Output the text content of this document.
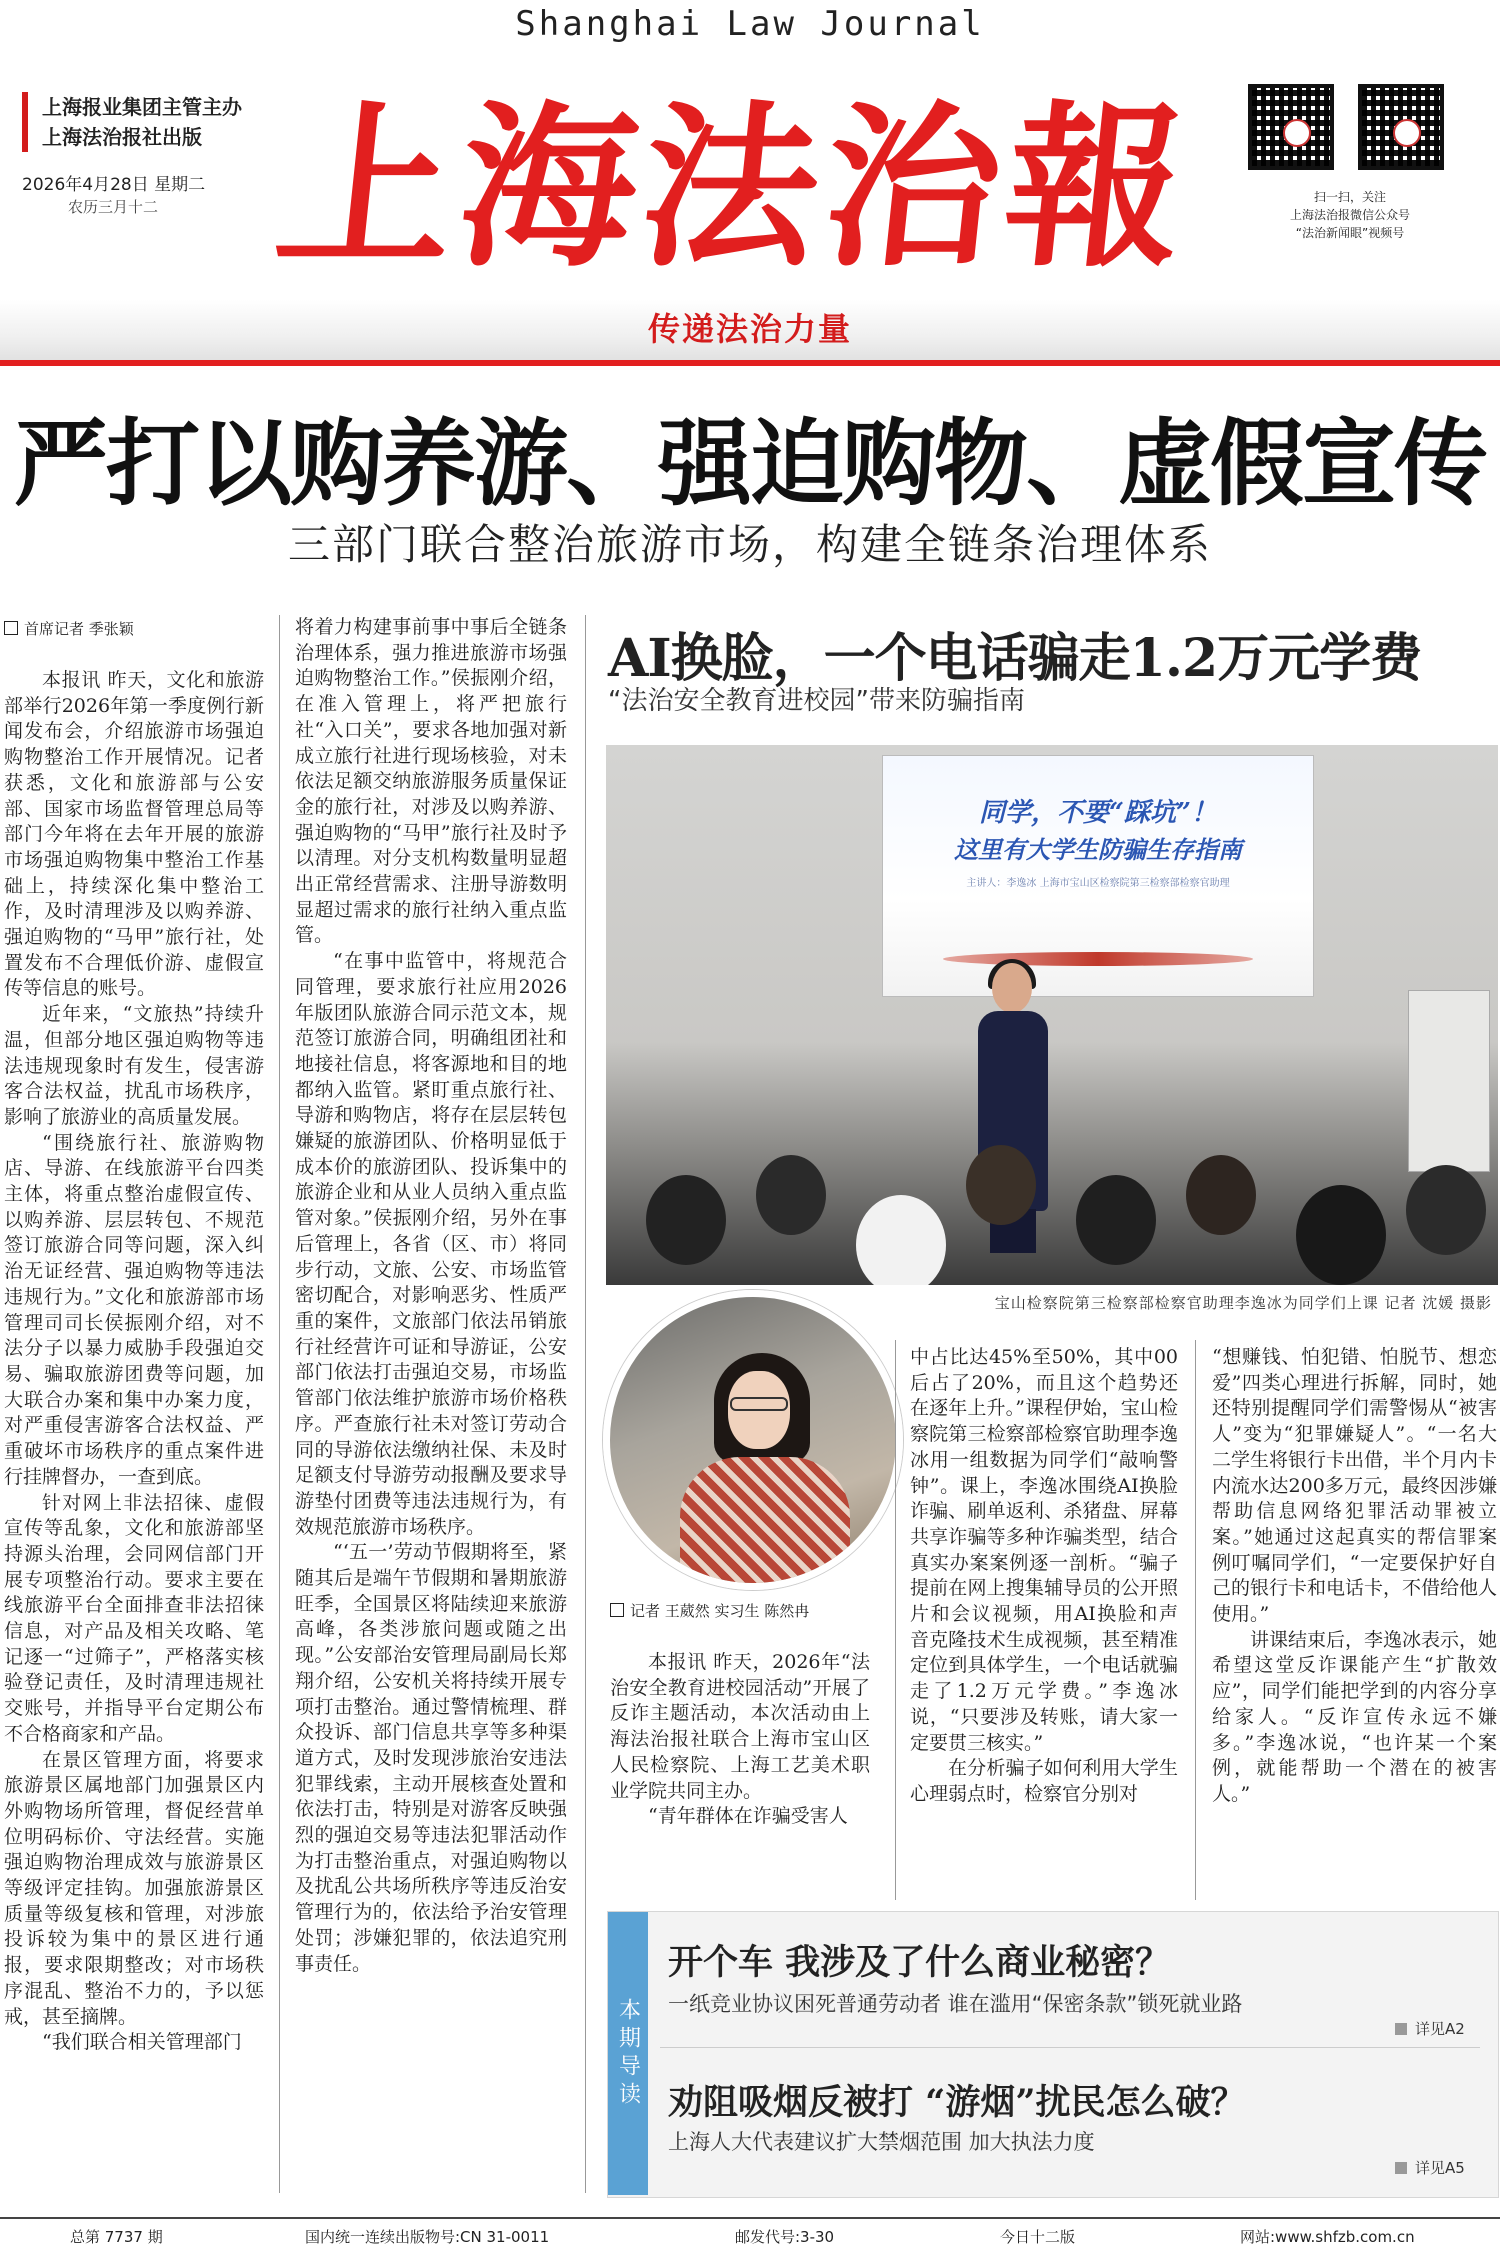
Shanghai Law Journal
上海报业集团主管主办
上海法治报社出版
2026年4月28日 星期二
农历三月十二 上海法治報	扫一扫，关注
上海法治报微信公众号
“法治新闻眼”视频号
传递法治力量
严打以购养游、强迫购物、虚假宣传
三部门联合整治旅游市场，构建全链条治理体系
首席记者 季张颖

本报讯 昨天，文化和旅游部举行2026年第一季度例行新闻发布会，介绍旅游市场强迫购物整治工作开展情况。记者获悉，文化和旅游部与公安部、国家市场监督管理总局等部门今年将在去年开展的旅游市场强迫购物集中整治工作基础上，持续深化集中整治工作，及时清理涉及以购养游、强迫购物的“马甲”旅行社，处置发布不合理低价游、虚假宣传等信息的账号。

近年来，“文旅热”持续升温，但部分地区强迫购物等违法违规现象时有发生，侵害游客合法权益，扰乱市场秩序，影响了旅游业的高质量发展。

“围绕旅行社、旅游购物店、导游、在线旅游平台四类主体，将重点整治虚假宣传、以购养游、层层转包、不规范签订旅游合同等问题，深入纠治无证经营、强迫购物等违法违规行为。”文化和旅游部市场管理司司长侯振刚介绍，对不法分子以暴力威胁手段强迫交易、骗取旅游团费等问题，加大联合办案和集中办案力度，对严重侵害游客合法权益、严重破坏市场秩序的重点案件进行挂牌督办，一查到底。

针对网上非法招徕、虚假宣传等乱象，文化和旅游部坚持源头治理，会同网信部门开展专项整治行动。要求主要在线旅游平台全面排查非法招徕信息，对产品及相关攻略、笔记逐一“过筛子”，严格落实核验登记责任，及时清理违规社交账号，并指导平台定期公布不合格商家和产品。

在景区管理方面，将要求旅游景区属地部门加强景区内外购物场所管理，督促经营单位明码标价、守法经营。实施强迫购物治理成效与旅游景区等级评定挂钩。加强旅游景区质量等级复核和管理，对涉旅投诉较为集中的景区进行通报，要求限期整改；对市场秩序混乱、整治不力的，予以惩戒，甚至摘牌。

“我们联合相关管理部门

将着力构建事前事中事后全链条治理体系，强力推进旅游市场强迫购物整治工作。”侯振刚介绍，在准入管理上，将严把旅行社“入口关”，要求各地加强对新成立旅行社进行现场核验，对未依法足额交纳旅游服务质量保证金的旅行社，对涉及以购养游、强迫购物的“马甲”旅行社及时予以清理。对分支机构数量明显超出正常经营需求、注册导游数明显超过需求的旅行社纳入重点监管。

“在事中监管中，将规范合同管理，要求旅行社应用2026年版团队旅游合同示范文本，规范签订旅游合同，明确组团社和地接社信息，将客源地和目的地都纳入监管。紧盯重点旅行社、导游和购物店，将存在层层转包嫌疑的旅游团队、价格明显低于成本价的旅游团队、投诉集中的旅游企业和从业人员纳入重点监管对象。”侯振刚介绍，另外在事后管理上，各省（区、市）将同步行动，文旅、公安、市场监管密切配合，对影响恶劣、性质严重的案件，文旅部门依法吊销旅行社经营许可证和导游证，公安部门依法打击强迫交易，市场监管部门依法维护旅游市场价格秩序。严查旅行社未对签订劳动合同的导游依法缴纳社保、未及时足额支付导游劳动报酬及要求导游垫付团费等违法违规行为，有效规范旅游市场秩序。

“‘五一’劳动节假期将至，紧随其后是端午节假期和暑期旅游旺季，全国景区将陆续迎来旅游高峰，各类涉旅问题或随之出现。”公安部治安管理局副局长郑翔介绍，公安机关将持续开展专项打击整治。通过警情梳理、群众投诉、部门信息共享等多种渠道方式，及时发现涉旅治安违法犯罪线索，主动开展核查处置和依法打击，特别是对游客反映强烈的强迫交易等违法犯罪活动作为打击整治重点，对强迫购物以及扰乱公共场所秩序等违反治安管理行为的，依法给予治安管理处罚；涉嫌犯罪的，依法追究刑事责任。

AI换脸，一个电话骗走1.2万元学费
“法治安全教育进校园”带来防骗指南
同学，不要“踩坑”！
这里有大学生防骗生存指南
主讲人：李逸冰 上海市宝山区检察院第三检察部检察官助理
宝山检察院第三检察部检察官助理李逸冰为同学们上课 记者 沈媛 摄影
记者 王葳然 实习生 陈然冉

本报讯 昨天，2026年“法治安全教育进校园活动”开展了反诈主题活动，本次活动由上海法治报社联合上海市宝山区人民检察院、上海工艺美术职业学院共同主办。

“青年群体在诈骗受害人

中占比达45%至50%，其中00后占了20%，而且这个趋势还在逐年上升。”课程伊始，宝山检察院第三检察部检察官助理李逸冰用一组数据为同学们“敲响警钟”。课上，李逸冰围绕AI换脸诈骗、刷单返利、杀猪盘、屏幕共享诈骗等多种诈骗类型，结合真实办案案例逐一剖析。“骗子提前在网上搜集辅导员的公开照片和会议视频，用AI换脸和声音克隆技术生成视频，甚至精准定位到具体学生，一个电话就骗走了1.2万元学费。”李逸冰说，“只要涉及转账，请大家一定要贯三核实。”

在分析骗子如何利用大学生心理弱点时，检察官分别对

“想赚钱、怕犯错、怕脱节、想恋爱”四类心理进行拆解，同时，她还特别提醒同学们需警惕从“被害人”变为“犯罪嫌疑人”。“一名大二学生将银行卡出借，半个月内卡内流水达200多万元，最终因涉嫌帮助信息网络犯罪活动罪被立案。”她通过这起真实的帮信罪案例叮嘱同学们，“一定要保护好自己的银行卡和电话卡，不借给他人使用。”

讲课结束后，李逸冰表示，她希望这堂反诈课能产生“扩散效应”，同学们能把学到的内容分享给家人。“反诈宣传永远不嫌多。”李逸冰说，“也许某一个案例，就能帮助一个潜在的被害人。”

本期导读
开个车 我涉及了什么商业秘密？
一纸竞业协议困死普通劳动者 谁在滥用“保密条款”锁死就业路
详见A2
劝阻吸烟反被打 “游烟”扰民怎么破？
上海人大代表建议扩大禁烟范围 加大执法力度
详见A5
总第 7737 期	国内统一连续出版物号:CN 31-0011	邮发代号:3-30	今日十二版	网站:www.shfzb.com.cn
